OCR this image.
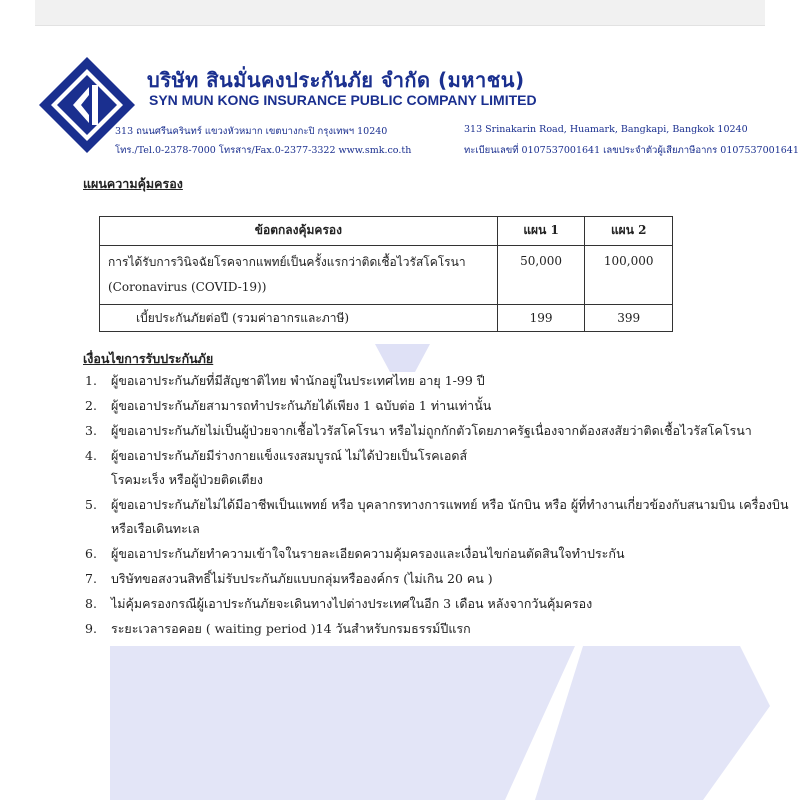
บริษัท สินมั่นคงประกันภัย จำกัด (มหาชน)
SYN MUN KONG INSURANCE PUBLIC COMPANY LIMITED
313 ถนนศรีนครินทร์ แขวงหัวหมาก เขตบางกะปิ กรุงเทพฯ 10240
โทร./Tel.0-2378-7000 โทรสาร/Fax.0-2377-3322 www.smk.co.th
313 Srinakarin Road, Huamark, Bangkapi, Bangkok 10240
ทะเบียนเลขที่ 0107537001641 เลขประจำตัวผู้เสียภาษีอากร 0107537001641
แผนความคุ้มครอง
ข้อตกลงคุ้มครอง	แผน 1	แผน 2

การได้รับการวินิจฉัยโรคจากแพทย์เป็นครั้งแรกว่าติดเชื้อไวรัสโคโรนา
(Coronavirus (COVID-19))	50,000	100,000
เบี้ยประกันภัยต่อปี (รวมค่าอากรและภาษี)	199	399
เงื่อนไขการรับประกันภัย
1. ผู้ขอเอาประกันภัยที่มีสัญชาติไทย พำนักอยู่ในประเทศไทย อายุ 1-99 ปี
2. ผู้ขอเอาประกันภัยสามารถทำประกันภัยได้เพียง 1 ฉบับต่อ 1 ท่านเท่านั้น
3. ผู้ขอเอาประกันภัยไม่เป็นผู้ป่วยจากเชื้อไวรัสโคโรนา หรือไม่ถูกกักตัวโดยภาครัฐเนื่องจากต้องสงสัยว่าติดเชื้อไวรัสโคโรนา
4. ผู้ขอเอาประกันภัยมีร่างกายแข็งแรงสมบูรณ์ ไม่ได้ป่วยเป็นโรคเอดส์
โรคมะเร็ง หรือผู้ป่วยติดเตียง
5. ผู้ขอเอาประกันภัยไม่ได้มีอาชีพเป็นแพทย์ หรือ บุคลากรทางการแพทย์ หรือ นักบิน หรือ ผู้ที่ทำงานเกี่ยวข้องกับสนามบิน เครื่องบิน
หรือเรือเดินทะเล
6. ผู้ขอเอาประกันภัยทำความเข้าใจในรายละเอียดความคุ้มครองและเงื่อนไขก่อนตัดสินใจทำประกัน
7. บริษัทขอสงวนสิทธิ์ไม่รับประกันภัยแบบกลุ่มหรือองค์กร (ไม่เกิน 20 คน )
8. ไม่คุ้มครองกรณีผู้เอาประกันภัยจะเดินทางไปต่างประเทศในอีก 3 เดือน หลังจากวันคุ้มครอง
9. ระยะเวลารอคอย ( waiting period )14 วันสำหรับกรมธรรม์ปีแรก
